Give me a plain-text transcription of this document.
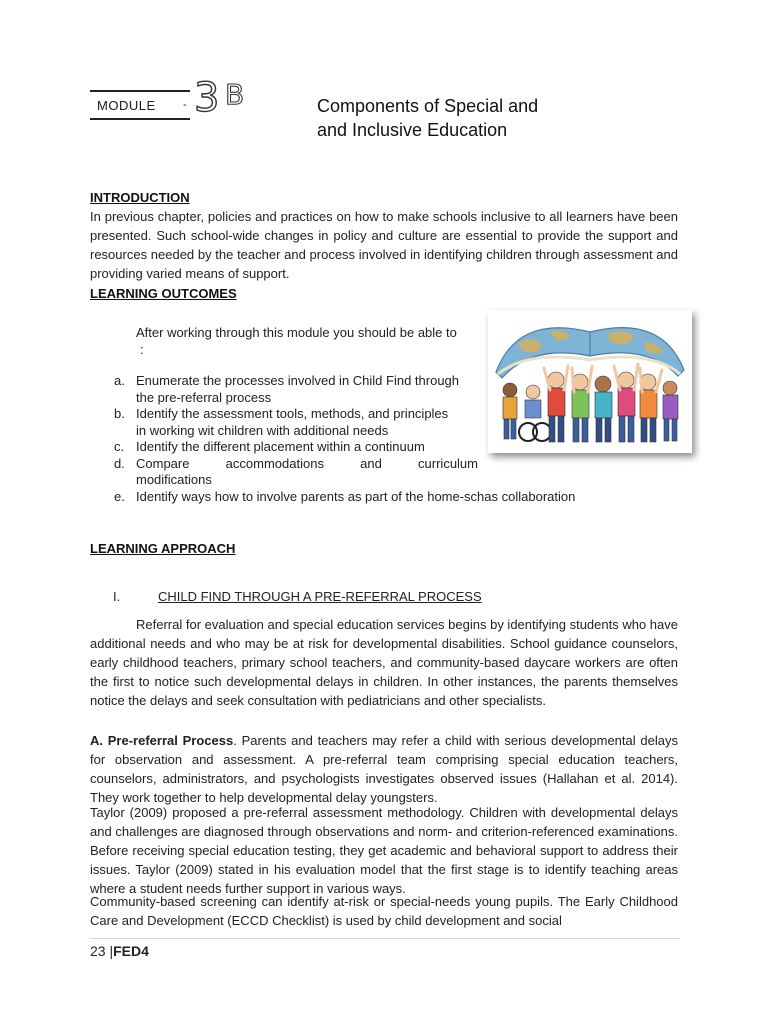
MODULE - 3 B	Components of Special and
and Inclusive Education
INTRODUCTION
In previous chapter, policies and practices on how to make schools inclusive to all learners have been presented. Such school-wide changes in policy and culture are essential to provide the support and resources needed by the teacher and process involved in identifying children through assessment and providing varied means of support.
LEARNING OUTCOMES
After working through this module you should be able to
:
a. Enumerate the processes involved in Child Find through
the pre-referral process
b. Identify the assessment tools, methods, and principles
in working wit children with additional needs
c. Identify the different placement within a continuum
d. Compare accommodations and curriculum
modifications
e. Identify ways how to involve parents as part of the home-schas collaboration
LEARNING APPROACH
I.	CHILD FIND THROUGH A PRE-REFERRAL PROCESS
Referral for evaluation and special education services begins by identifying students who have additional needs and who may be at risk for developmental disabilities. School guidance counselors, early childhood teachers, primary school teachers, and community-based daycare workers are often the first to notice such developmental delays in children. In other instances, the parents themselves notice the delays and seek consultation with pediatricians and other specialists.
A. Pre-referral Process. Parents and teachers may refer a child with serious developmental delays for observation and assessment. A pre-referral team comprising special education teachers, counselors, administrators, and psychologists investigates observed issues (Hallahan et al. 2014). They work together to help developmental delay youngsters.
Taylor (2009) proposed a pre-referral assessment methodology. Children with developmental delays and challenges are diagnosed through observations and norm- and criterion-referenced examinations. Before receiving special education testing, they get academic and behavioral support to address their issues. Taylor (2009) stated in his evaluation model that the first stage is to identify teaching areas where a student needs further support in various ways.
Community-based screening can identify at-risk or special-needs young pupils. The Early Childhood Care and Development (ECCD Checklist) is used by child development and social
23 |FED4
